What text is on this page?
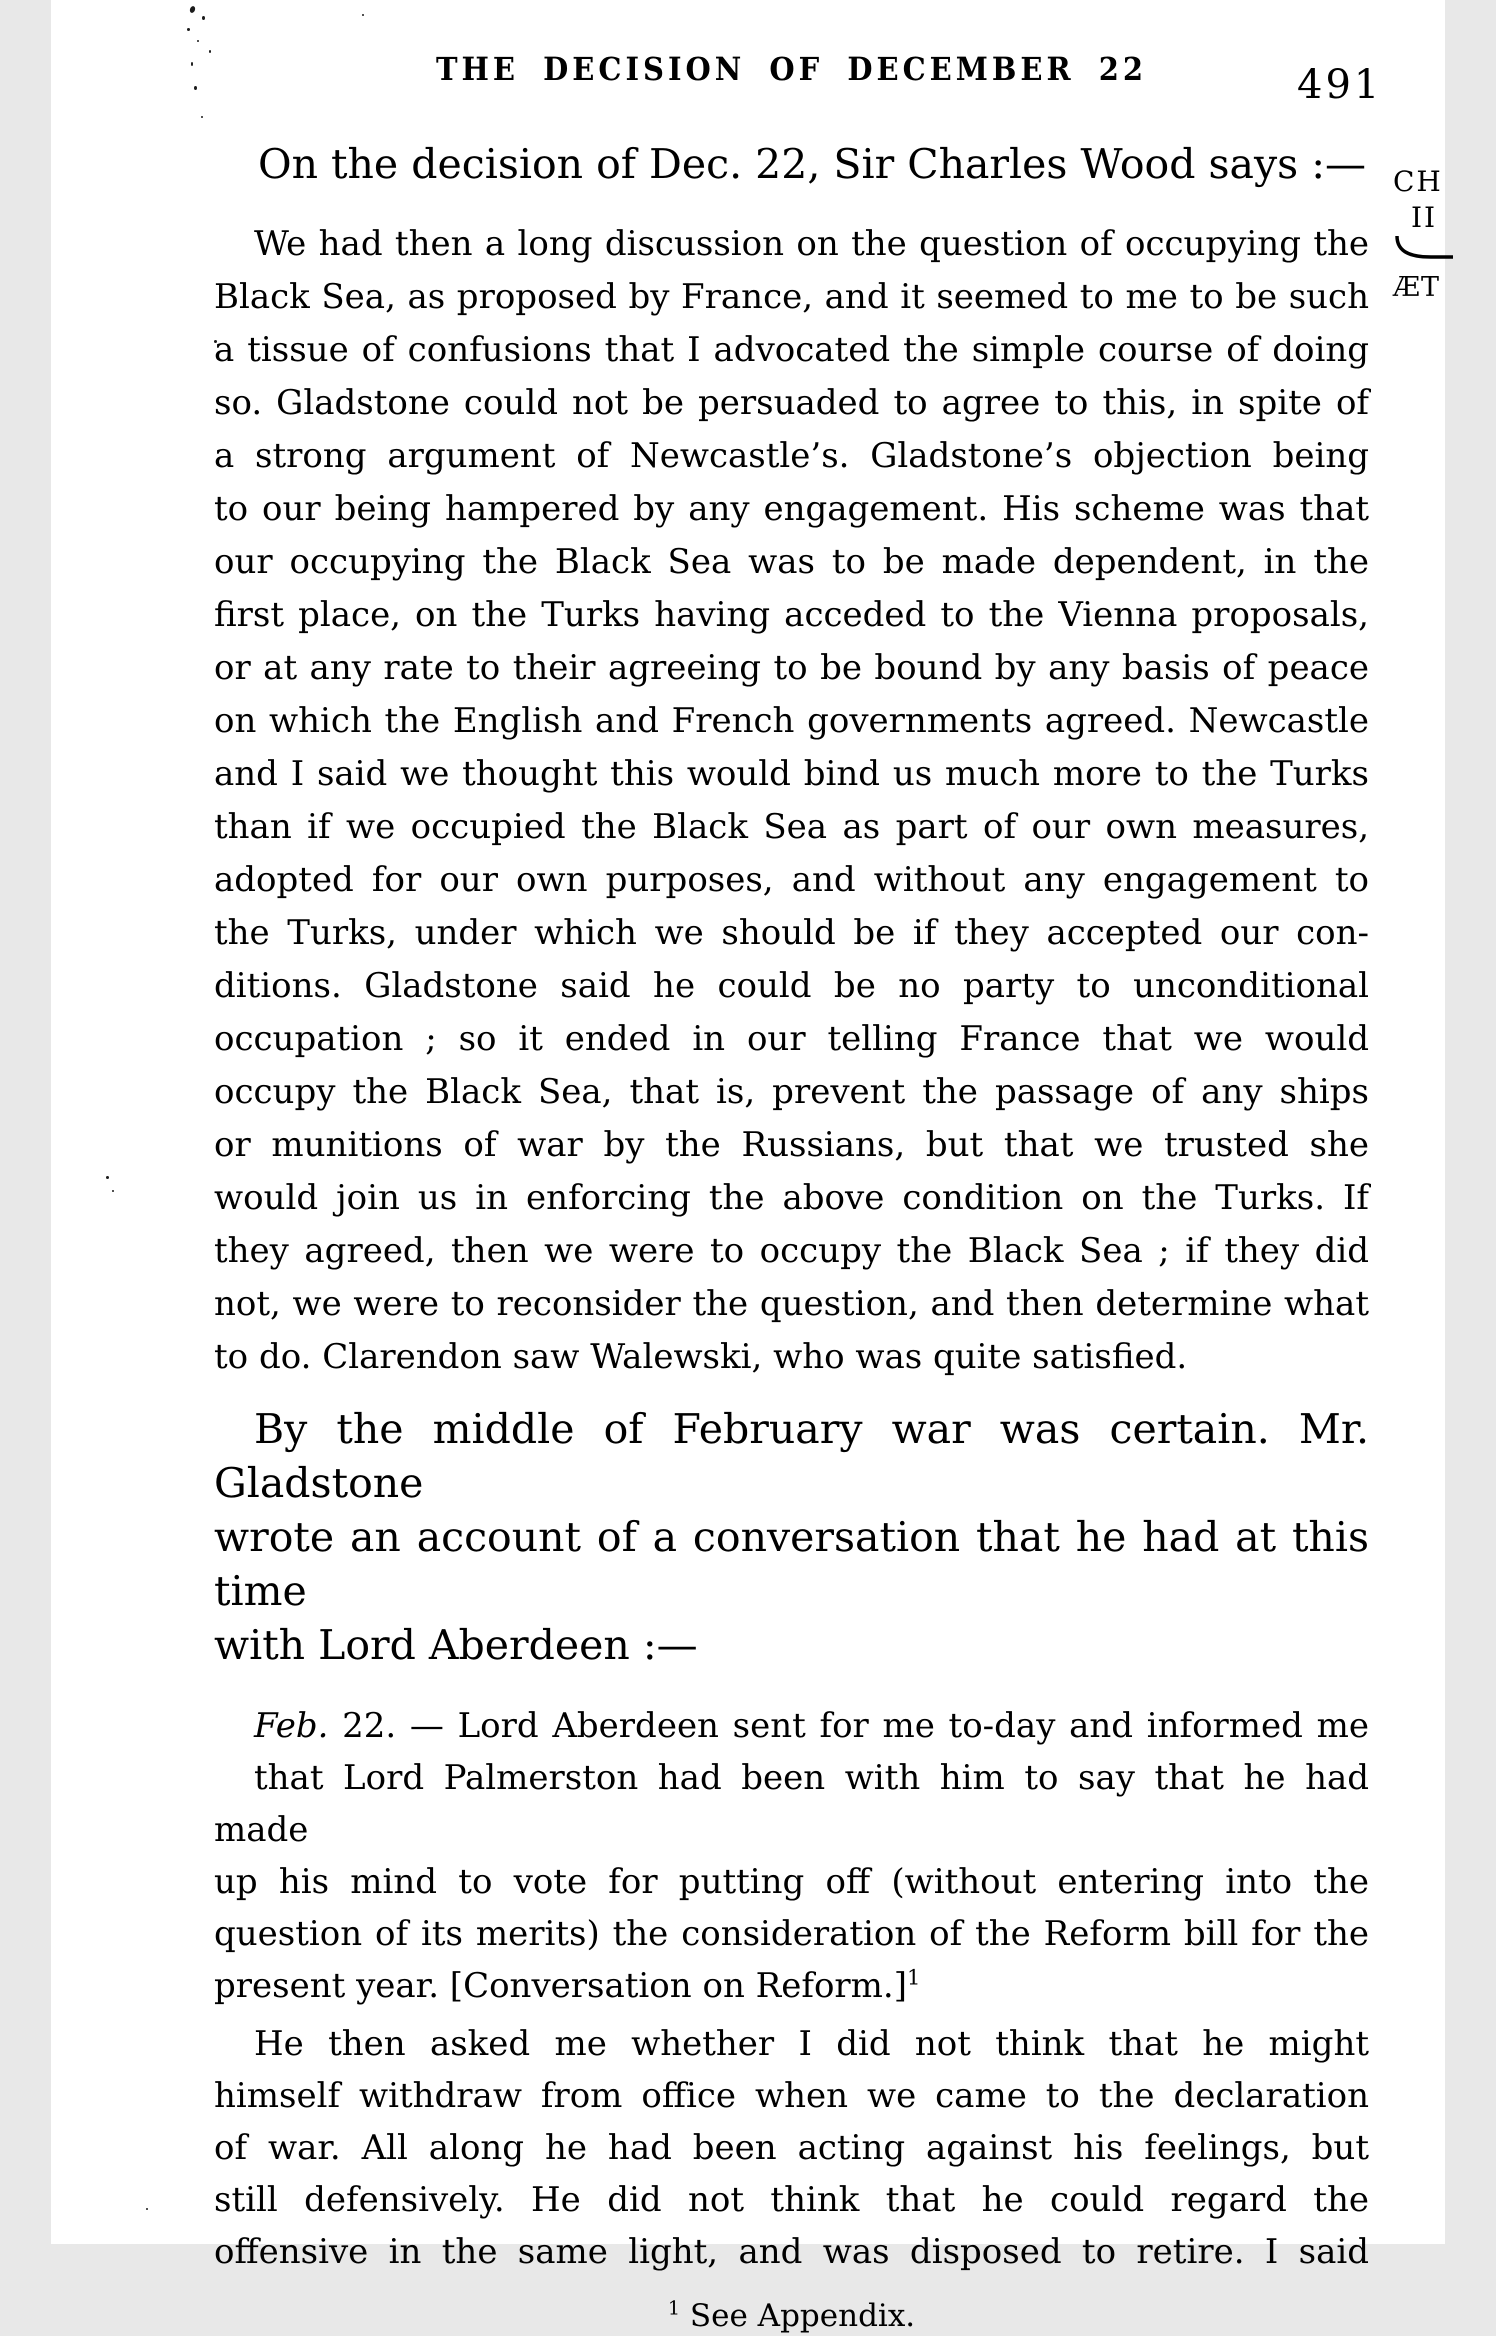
THE DECISION OF DECEMBER 22	491
CH
II
ÆT

On the decision of Dec. 22, Sir Charles Wood says :—

We had then a long discussion on the question of occupying the
Black Sea, as proposed by France, and it seemed to me to be such
a tissue of confusions that I advocated the simple course of doing
so. Gladstone could not be persuaded to agree to this, in spite of
a strong argument of Newcastle’s. Gladstone’s objection being
to our being hampered by any engagement. His scheme was that
our occupying the Black Sea was to be made dependent, in the
first place, on the Turks having acceded to the Vienna proposals,
or at any rate to their agreeing to be bound by any basis of peace
on which the English and French governments agreed. Newcastle
and I said we thought this would bind us much more to the Turks
than if we occupied the Black Sea as part of our own measures,
adopted for our own purposes, and without any engagement to
the Turks, under which we should be if they accepted our con-
ditions. Gladstone said he could be no party to unconditional
occupation ; so it ended in our telling France that we would
occupy the Black Sea, that is, prevent the passage of any ships
or munitions of war by the Russians, but that we trusted she
would join us in enforcing the above condition on the Turks. If
they agreed, then we were to occupy the Black Sea ; if they did
not, we were to reconsider the question, and then determine what
to do. Clarendon saw Walewski, who was quite satisfied.
By the middle of February war was certain. Mr. Gladstone
wrote an account of a conversation that he had at this time
with Lord Aberdeen :—
Feb. 22. — Lord Aberdeen sent for me to-day and informed me
that Lord Palmerston had been with him to say that he had made
up his mind to vote for putting off (without entering into the
question of its merits) the consideration of the Reform bill for the
present year. [Conversation on Reform.]$^1$
He then asked me whether I did not think that he might
himself withdraw from office when we came to the declaration
of war. All along he had been acting against his feelings, but
still defensively. He did not think that he could regard the
offensive in the same light, and was disposed to retire. I said
$^1$ See Appendix.
